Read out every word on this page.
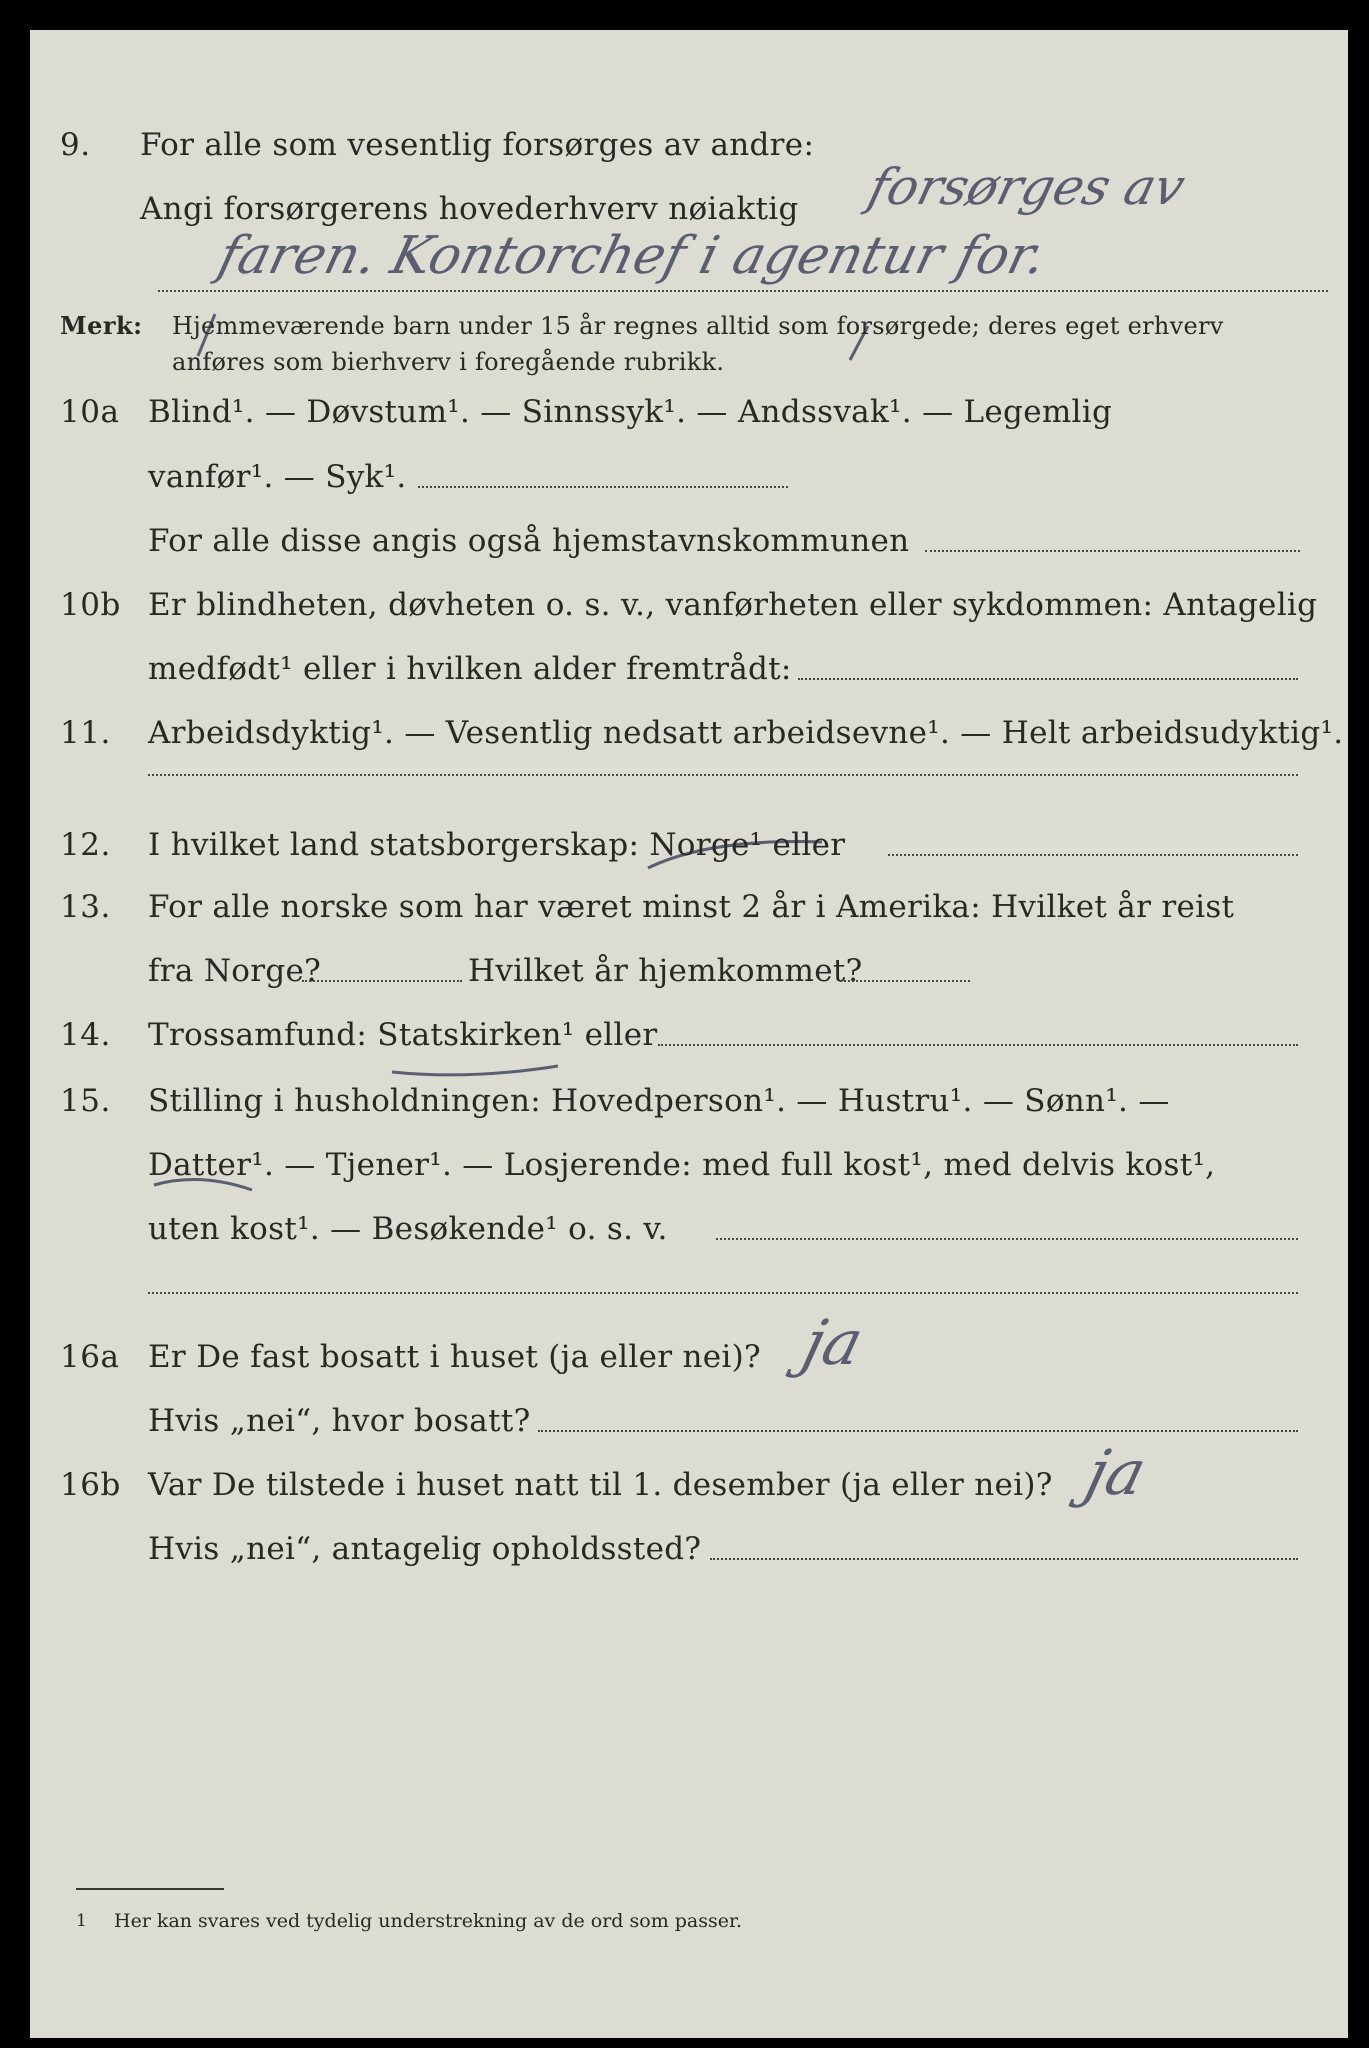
9. For alle som vesentlig forsørges av andre:
Angi forsørgerens hovederhverv nøiaktig forsørges av
faren. Kontorchef i agentur for.
Merk: Hjemmeværende barn under 15 år regnes alltid som forsørgede; deres eget erhverv
anføres som bierhverv i foregående rubrikk.
10a Blind¹. — Døvstum¹. — Sinnssyk¹. — Andssvak¹. — Legemlig
vanfør¹. — Syk¹.
For alle disse angis også hjemstavnskommunen
10b Er blindheten, døvheten o. s. v., vanførheten eller sykdommen: Antagelig
medfødt¹ eller i hvilken alder fremtrådt:
11. Arbeidsdyktig¹. — Vesentlig nedsatt arbeidsevne¹. — Helt arbeidsudyktig¹.
12. I hvilket land statsborgerskap: Norge¹ eller
13. For alle norske som har været minst 2 år i Amerika: Hvilket år reist
fra Norge?	Hvilket år hjemkommet?
14. Trossamfund: Statskirken¹ eller
15. Stilling i husholdningen: Hovedperson¹. — Hustru¹. — Sønn¹. —
Datter¹. — Tjener¹. — Losjerende: med full kost¹, med delvis kost¹,
uten kost¹. — Besøkende¹ o. s. v.
16a Er De fast bosatt i huset (ja eller nei)? ja
Hvis „nei“, hvor bosatt?
16b Var De tilstede i huset natt til 1. desember (ja eller nei)? ja
Hvis „nei“, antagelig opholdssted?
1 Her kan svares ved tydelig understrekning av de ord som passer.
